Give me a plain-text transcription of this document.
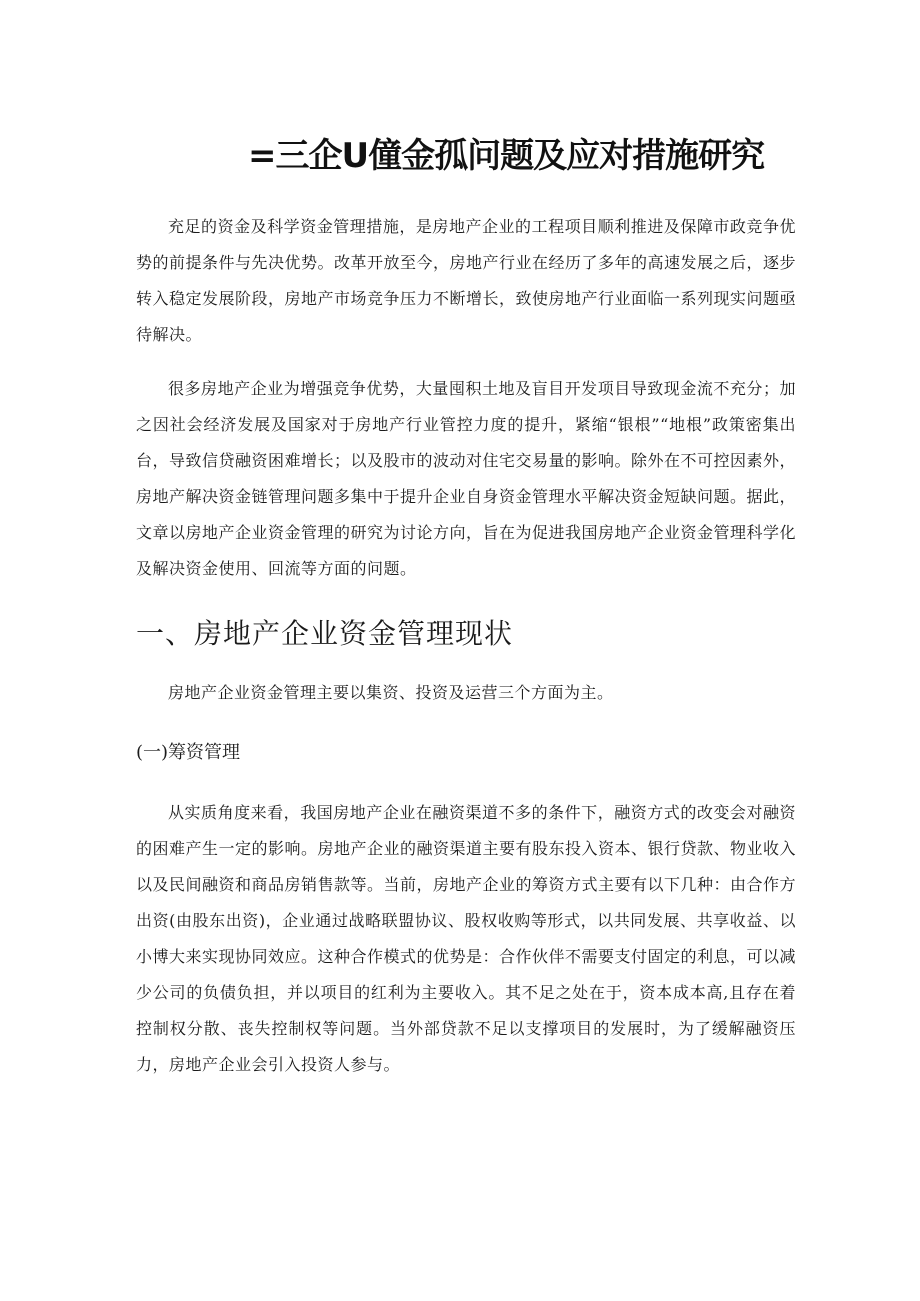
=三企U僮金孤问题及应对措施研究

充足的资金及科学资金管理措施，是房地产企业的工程项目顺利推进及保障市政竞争优势的前提条件与先决优势。改革开放至今，房地产行业在经历了多年的高速发展之后，逐步转入稳定发展阶段，房地产市场竞争压力不断增长，致使房地产行业面临一系列现实问题亟待解决。

很多房地产企业为增强竞争优势，大量囤积土地及盲目开发项目导致现金流不充分；加之因社会经济发展及国家对于房地产行业管控力度的提升，紧缩“银根”“地根”政策密集出台，导致信贷融资困难增长；以及股市的波动对住宅交易量的影响。除外在不可控因素外，房地产解决资金链管理问题多集中于提升企业自身资金管理水平解决资金短缺问题。据此，文章以房地产企业资金管理的研究为讨论方向，旨在为促进我国房地产企业资金管理科学化及解决资金使用、回流等方面的问题。

一、房地产企业资金管理现状

房地产企业资金管理主要以集资、投资及运营三个方面为主。

(一)筹资管理

从实质角度来看，我国房地产企业在融资渠道不多的条件下，融资方式的改变会对融资的困难产生一定的影响。房地产企业的融资渠道主要有股东投入资本、银行贷款、物业收入以及民间融资和商品房销售款等。当前，房地产企业的筹资方式主要有以下几种：由合作方出资(由股东出资)，企业通过战略联盟协议、股权收购等形式，以共同发展、共享收益、以小博大来实现协同效应。这种合作模式的优势是：合作伙伴不需要支付固定的利息，可以减少公司的负债负担，并以项目的红利为主要收入。其不足之处在于，资本成本高,且存在着控制权分散、丧失控制权等问题。当外部贷款不足以支撑项目的发展时，为了缓解融资压力，房地产企业会引入投资人参与。
